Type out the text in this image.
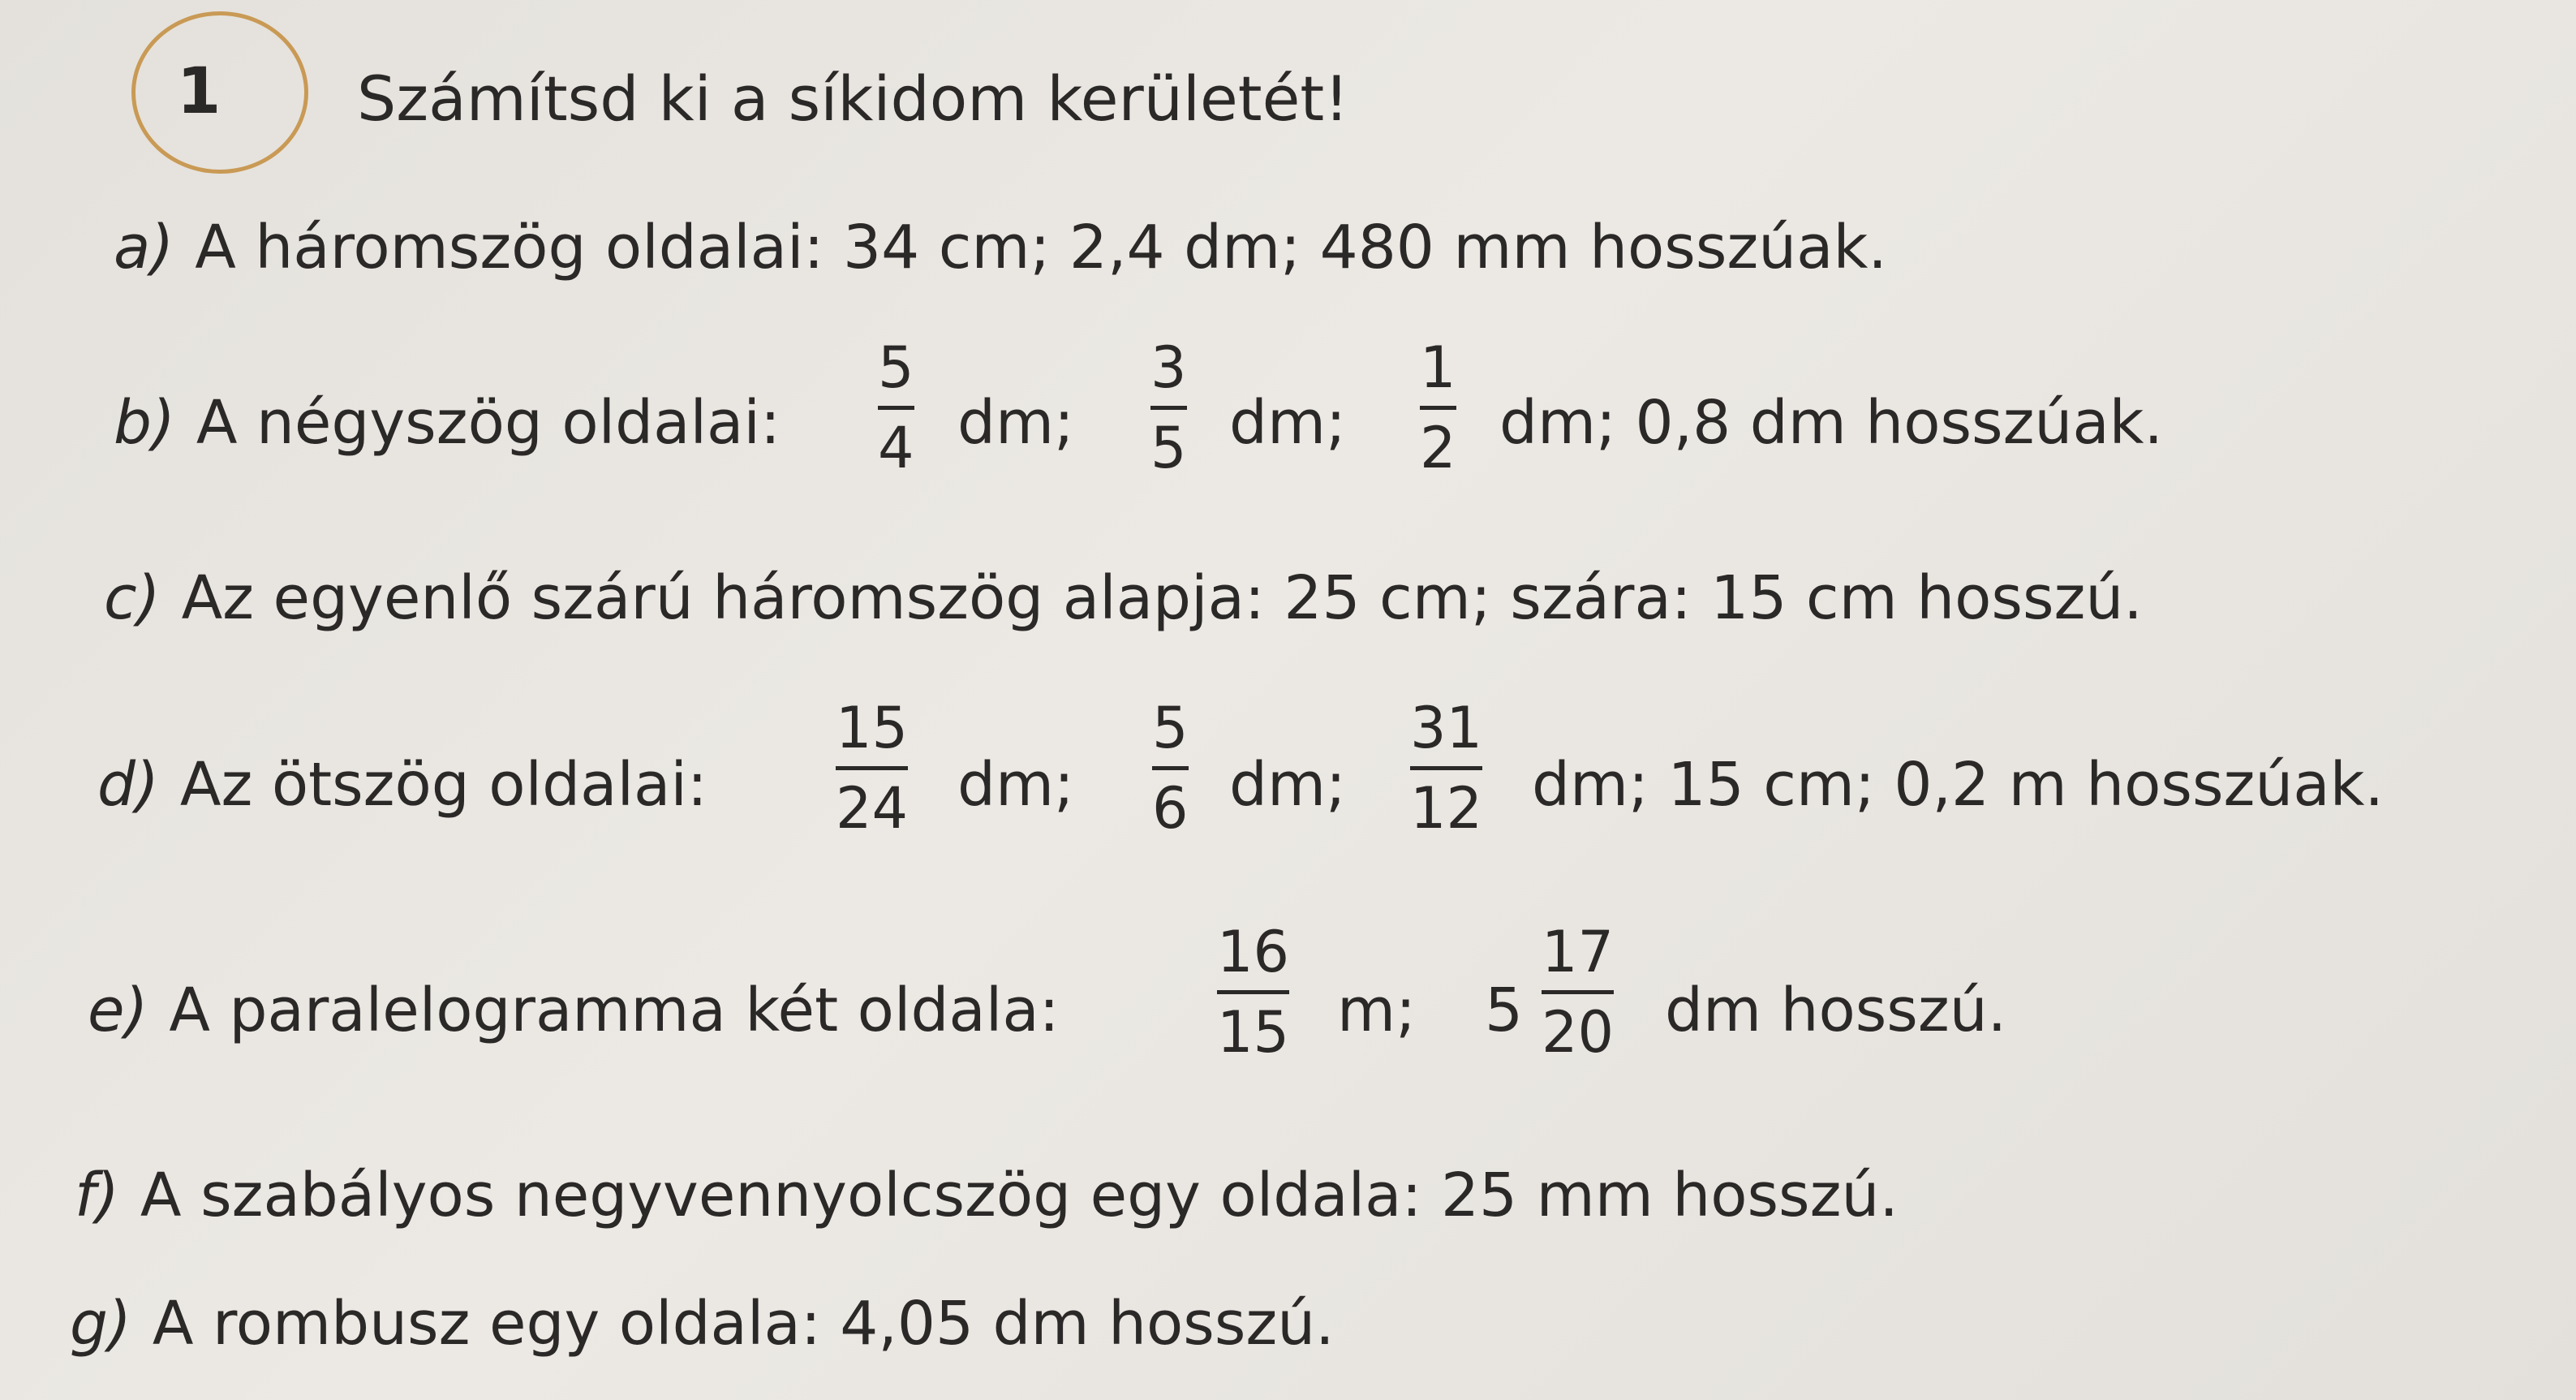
1 Számítsd ki a síkidom kerületét!
a) A háromszög oldalai: 34 cm; 2,4 dm; 480 mm hosszúak.
b) A négyszög oldalai:
5
4 dm;
3
5 dm;
1
2 dm; 0,8 dm hosszúak.
c) Az egyenlő szárú háromszög alapja: 25 cm; szára: 15 cm hosszú.
d) Az ötszög oldalai:
15
24 dm;
5
6 dm;
31
12 dm; 15 cm; 0,2 m hosszúak.
e) A paralelogramma két oldala:
16
15 m; 5
17
20 dm hosszú.
f) A szabályos negyvennyolcszög egy oldala: 25 mm hosszú.
g) A rombusz egy oldala: 4,05 dm hosszú.
